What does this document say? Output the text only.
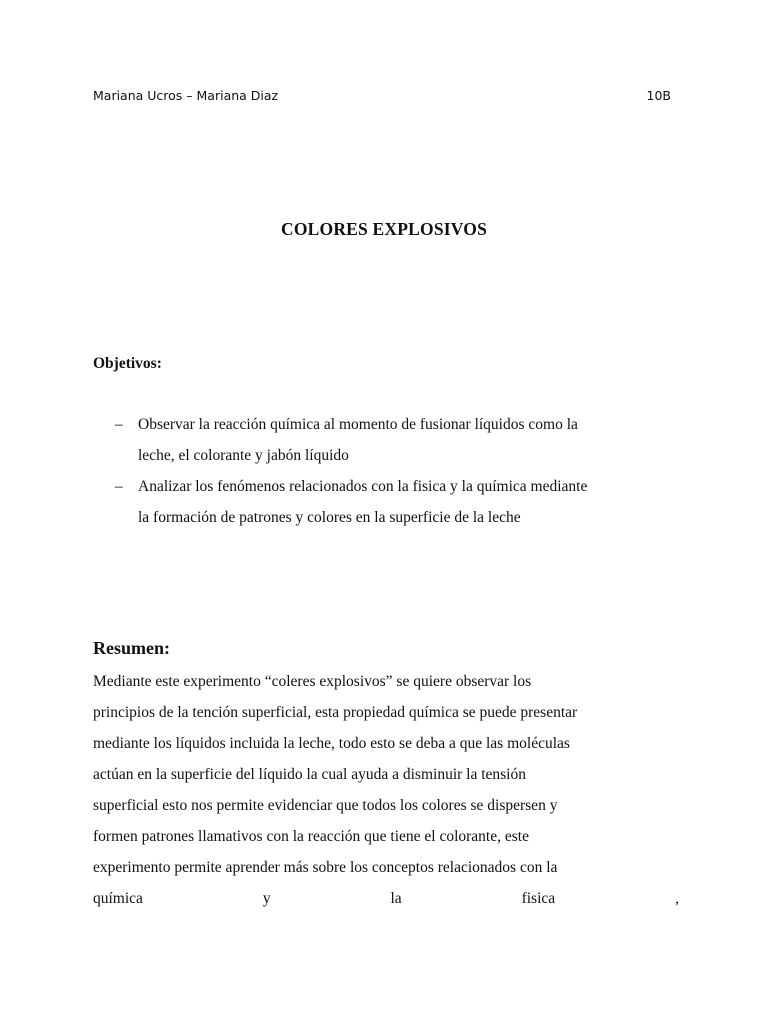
Mariana Ucros – Mariana Diaz	10B
COLORES EXPLOSIVOS
Objetivos:
– Observar la reacción química al momento de fusionar líquidos como la
leche, el colorante y jabón líquido
– Analizar los fenómenos relacionados con la fisica y la química mediante
la formación de patrones y colores en la superficie de la leche
Resumen:
Mediante este experimento “coleres explosivos” se quiere observar los
principios de la tención superficial, esta propiedad química se puede presentar
mediante los líquidos incluida la leche, todo esto se deba a que las moléculas
actúan en la superficie del líquido la cual ayuda a disminuir la tensión
superficial esto nos permite evidenciar que todos los colores se dispersen y
formen patrones llamativos con la reacción que tiene el colorante, este
experimento permite aprender más sobre los conceptos relacionados con la
química	y	la	fisica	,
